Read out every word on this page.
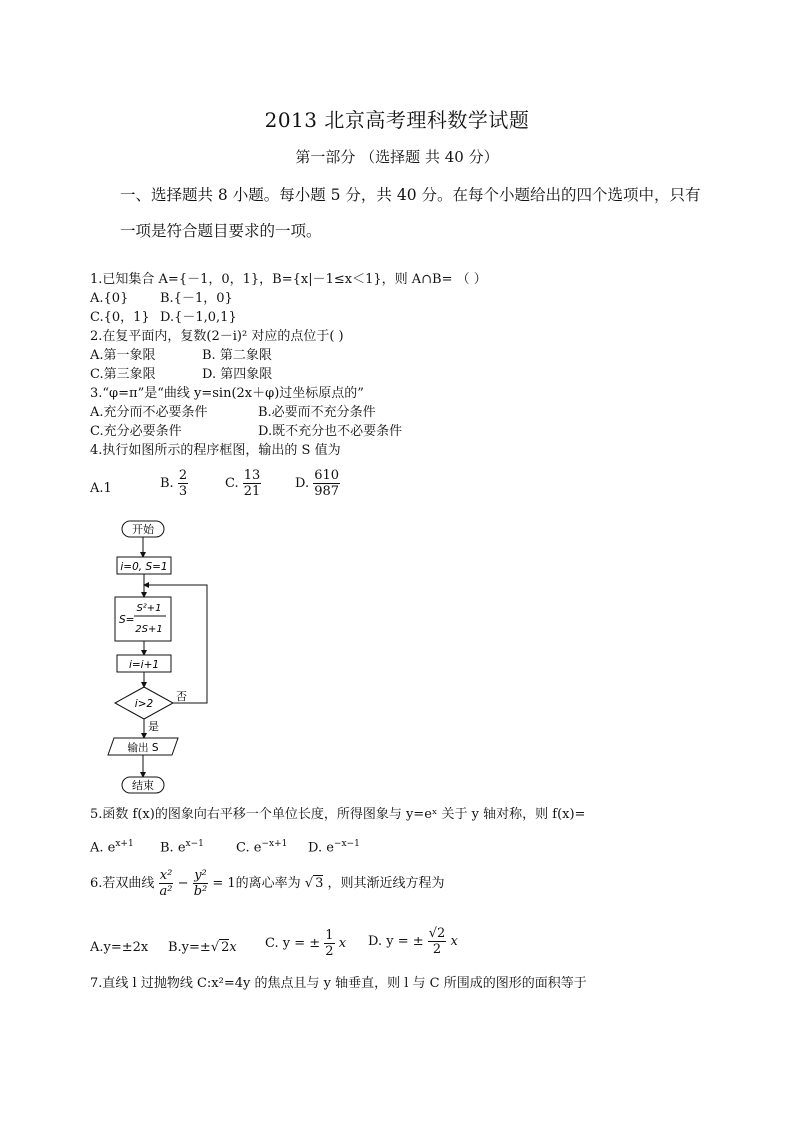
2013 北京高考理科数学试题
第一部分 （选择题 共 40 分）
一、选择题共 8 小题。每小题 5 分，共 40 分。在每个小题给出的四个选项中，只有
一项是符合题目要求的一项。
1.已知集合 A={－1，0，1}，B={x|－1≤x＜1}，则 A∩B= （ ）
A.{0} B.{－1，0}
C.{0，1} D.{－1,0,1}
2.在复平面内，复数(2－i)² 对应的点位于( )
A.第一象限	B. 第二象限
C.第三象限	D. 第四象限
3.“φ=π”是“曲线 y=sin(2x＋φ)过坐标原点的”
A.充分而不必要条件	B.必要而不充分条件
C.充分必要条件	D.既不充分也不必要条件
4.执行如图所示的程序框图，输出的 S 值为
A.1	B. $\frac{2}{3}$	C. $\frac{13}{21}$	D. $\frac{610}{987}$
开始
i=0, S=1
S=
S²+1
2S+1
i=i+1
i>2
否
是
输出 S
结束
5.函数 f(x)的图象向右平移一个单位长度，所得图象与 y=eˣ 关于 y 轴对称，则 f(x)=
A. $e^{x+1}$ B. $e^{x-1}$ C. $e^{-x+1}$ D. $e^{-x-1}$
6.若双曲线 $\frac{\text{x²}}{\text{a²}} - \frac{\text{y²}}{\text{b²}} = 1$的离心率为 √ 3 ，则其渐近线方程为
A.y=±2x B.y=±√ 2x C. y = ± $\frac{1}{2}$ x D. y = ± $\frac{√2}{2}$ x
7.直线 l 过抛物线 C:x²=4y 的焦点且与 y 轴垂直，则 l 与 C 所围成的图形的面积等于
